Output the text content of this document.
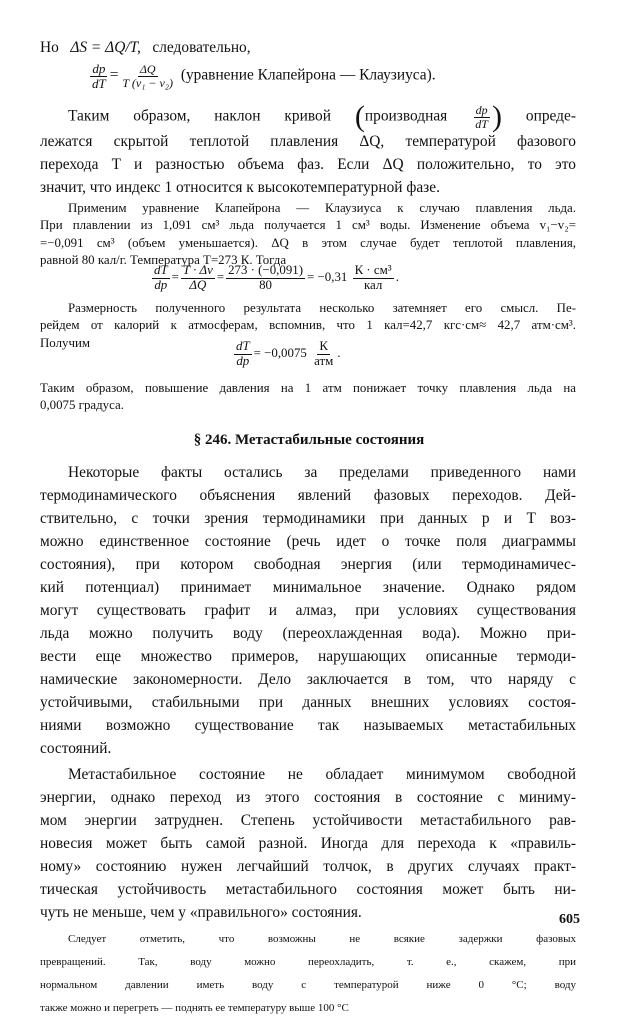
Но ΔS = ΔQ/T, следовательно,
$\frac{dp}{dT} = \frac{\Delta Q}{\text{T (v₁ − v₂)}}$ (уравнение Клапейрона — Клаузиуса).
Таким образом, наклон кривой (производная $\frac{dp}{dT}$ ) опреде-
лежатся скрытой теплотой плавления ΔQ, температурой фазового
перехода T и разностью объема фаз. Если ΔQ положительно, то это
значит, что индекс 1 относится к высокотемпературной фазе.
Применим уравнение Клапейрона — Клаузиуса к случаю плавления льда.
При плавлении из 1,091 см³ льда получается 1 см³ воды. Изменение объема v₁−v₂=
=−0,091 см³ (объем уменьшается). ΔQ в этом случае будет теплотой плавления,
равной 80 кал/г. Температура T=273 К. Тогда
$\frac{dT}{dp} = \frac{T \cdot \Delta v}{\Delta Q} = \frac{273 \cdot (-0,091)}{80} = -0,31 \frac{\text{К · см³}}{\text{кал}}$ .
Размерность полученного результата несколько затемняет его смысл. Пе-
рейдем от калорий к атмосферам, вспомнив, что 1 кал=42,7 кгс·см≈ 42,7 атм·см³.
Получим	$\frac{dT}{dp} = -0,0075 \frac{К}{\text{атм}}$ .
Таким образом, повышение давления на 1 атм понижает точку плавления льда на
0,0075 градуса.
§ 246. Метастабильные состояния
Некоторые факты остались за пределами приведенного нами
термодинамического объяснения явлений фазовых переходов. Дей-
ствительно, с точки зрения термодинамики при данных p и T воз-
можно единственное состояние (речь идет о точке поля диаграммы
состояния), при котором свободная энергия (или термодинамичес-
кий потенциал) принимает минимальное значение. Однако рядом
могут существовать графит и алмаз, при условиях существования
льда можно получить воду (переохлажденная вода). Можно при-
вести еще множество примеров, нарушающих описанные термоди-
намические закономерности. Дело заключается в том, что наряду с
устойчивыми, стабильными при данных внешних условиях состоя-
ниями возможно существование так называемых метастабильных
состояний.
Метастабильное состояние не обладает минимумом свободной
энергии, однако переход из этого состояния в состояние с миниму-
мом энергии затруднен. Степень устойчивости метастабильного рав-
новесия может быть самой разной. Иногда для перехода к «правиль-
ному» состоянию нужен легчайший толчок, в других случаях практ-
тическая устойчивость метастабильного состояния может быть ни-
чуть не меньше, чем у «правильного» состояния.	605
Следует отметить, что возможны не всякие задержки фазовых
превращений. Так, воду можно переохладить, т. е., скажем, при
нормальном давлении иметь воду с температурой ниже 0 °С; воду
также можно и перегреть — поднять ее температуру выше 100 °С
